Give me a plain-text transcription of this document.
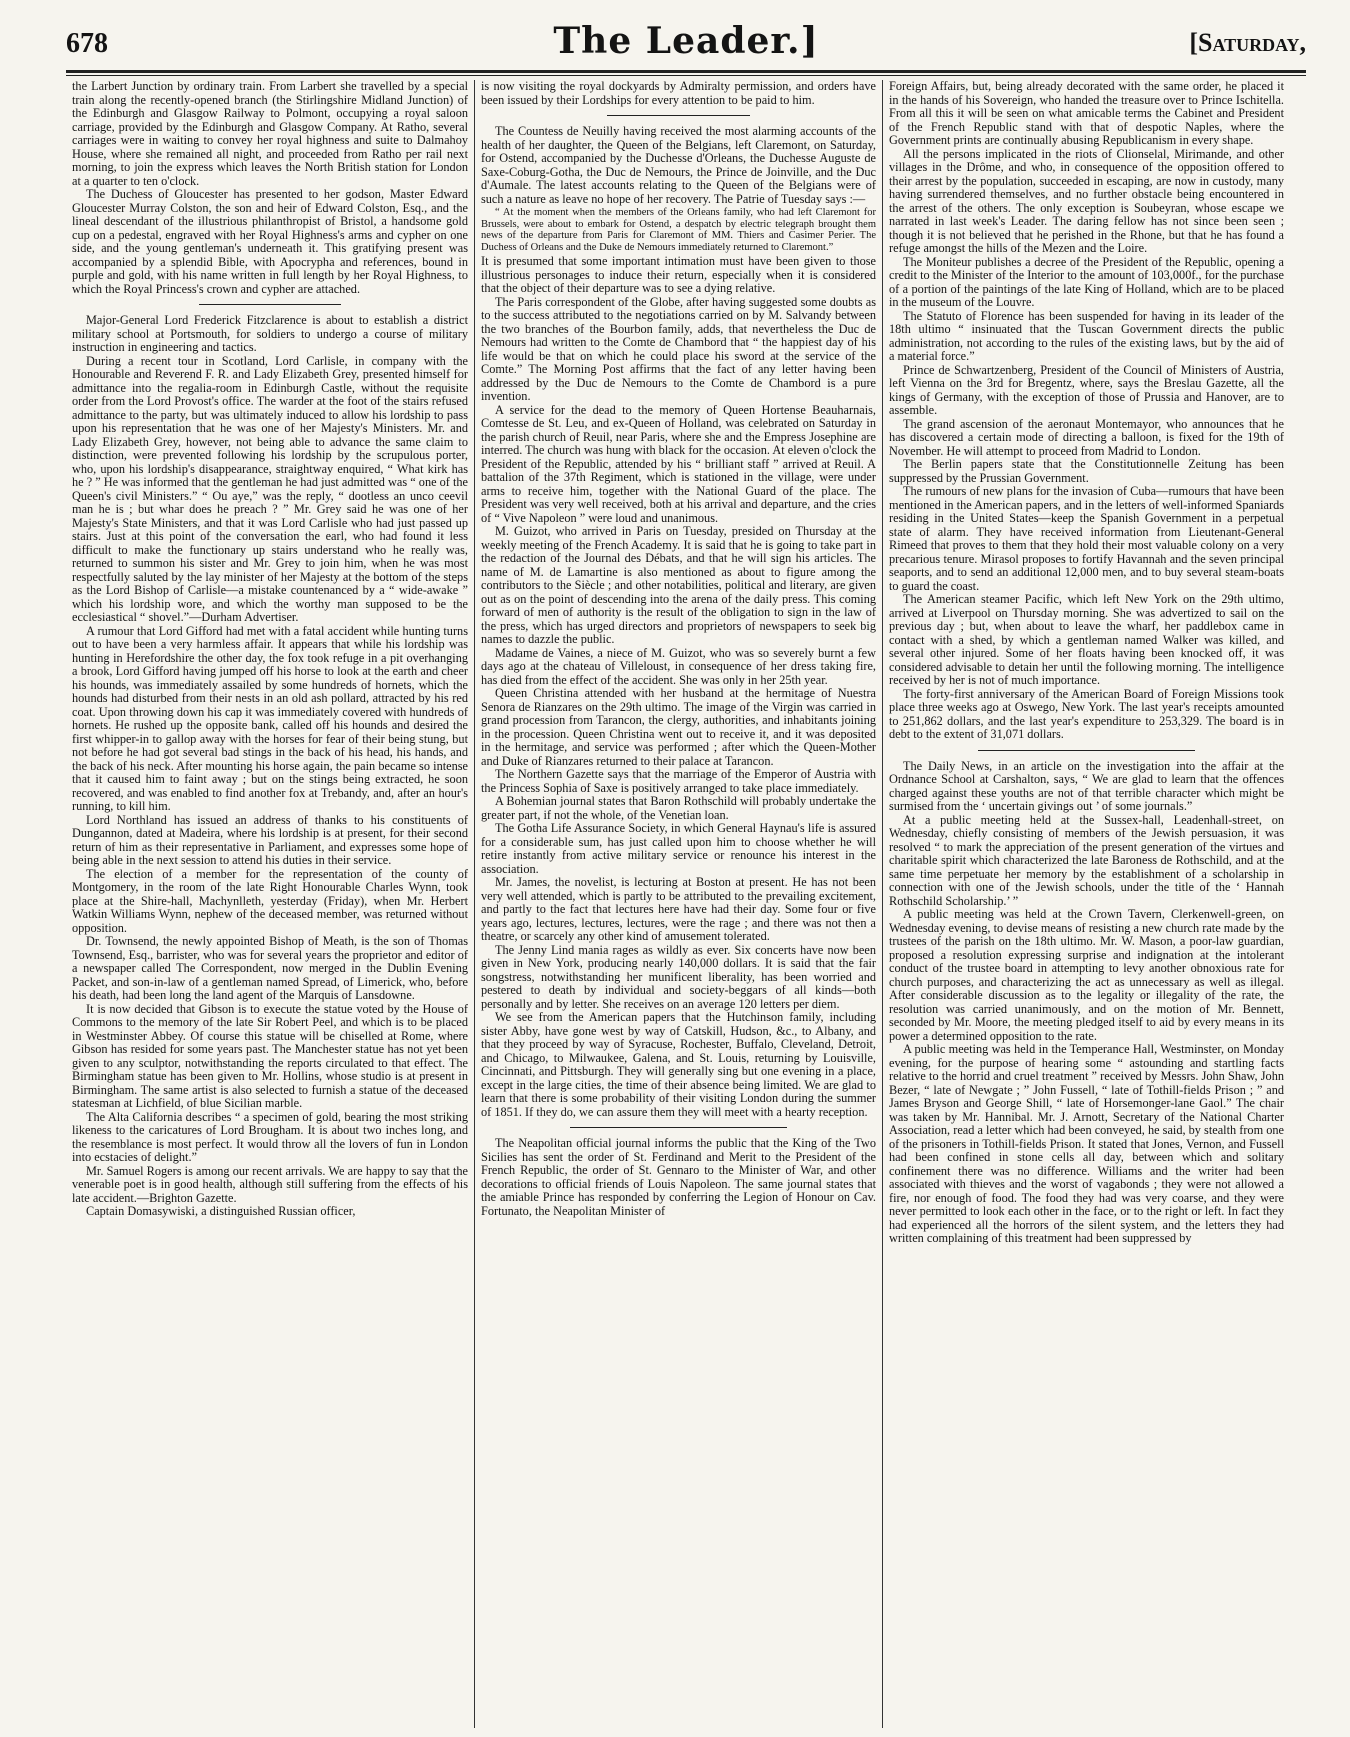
678	The Leader.]	[Saturday,

the Larbert Junction by ordinary train. From Larbert she travelled by a special train along the recently-opened branch (the Stirlingshire Midland Junction) of the Edinburgh and Glasgow Railway to Polmont, occupying a royal saloon carriage, provided by the Edinburgh and Glasgow Company. At Ratho, several carriages were in waiting to convey her royal highness and suite to Dalmahoy House, where she remained all night, and proceeded from Ratho per rail next morning, to join the express which leaves the North British station for London at a quarter to ten o'clock.

The Duchess of Gloucester has presented to her godson, Master Edward Gloucester Murray Colston, the son and heir of Edward Colston, Esq., and the lineal descendant of the illustrious philanthropist of Bristol, a handsome gold cup on a pedestal, engraved with her Royal Highness's arms and cypher on one side, and the young gentleman's underneath it. This gratifying present was accompanied by a splendid Bible, with Apocrypha and references, bound in purple and gold, with his name written in full length by her Royal Highness, to which the Royal Princess's crown and cypher are attached.

Major-General Lord Frederick Fitzclarence is about to establish a district military school at Portsmouth, for soldiers to undergo a course of military instruction in engineering and tactics.

During a recent tour in Scotland, Lord Carlisle, in company with the Honourable and Reverend F. R. and Lady Elizabeth Grey, presented himself for admittance into the regalia-room in Edinburgh Castle, without the requisite order from the Lord Provost's office. The warder at the foot of the stairs refused admittance to the party, but was ultimately induced to allow his lordship to pass upon his representation that he was one of her Majesty's Ministers. Mr. and Lady Elizabeth Grey, however, not being able to advance the same claim to distinction, were prevented following his lordship by the scrupulous porter, who, upon his lordship's disappearance, straightway enquired, “ What kirk has he ? ” He was informed that the gentleman he had just admitted was “ one of the Queen's civil Ministers.” “ Ou aye,” was the reply, “ dootless an unco ceevil man he is ; but whar does he preach ? ” Mr. Grey said he was one of her Majesty's State Ministers, and that it was Lord Carlisle who had just passed up stairs. Just at this point of the conversation the earl, who had found it less difficult to make the functionary up stairs understand who he really was, returned to summon his sister and Mr. Grey to join him, when he was most respectfully saluted by the lay minister of her Majesty at the bottom of the steps as the Lord Bishop of Carlisle—a mistake countenanced by a “ wide-awake ” which his lordship wore, and which the worthy man supposed to be the ecclesiastical “ shovel.”—Durham Advertiser.

A rumour that Lord Gifford had met with a fatal accident while hunting turns out to have been a very harmless affair. It appears that while his lordship was hunting in Herefordshire the other day, the fox took refuge in a pit overhanging a brook, Lord Gifford having jumped off his horse to look at the earth and cheer his hounds, was immediately assailed by some hundreds of hornets, which the hounds had disturbed from their nests in an old ash pollard, attracted by his red coat. Upon throwing down his cap it was immediately covered with hundreds of hornets. He rushed up the opposite bank, called off his hounds and desired the first whipper-in to gallop away with the horses for fear of their being stung, but not before he had got several bad stings in the back of his head, his hands, and the back of his neck. After mounting his horse again, the pain became so intense that it caused him to faint away ; but on the stings being extracted, he soon recovered, and was enabled to find another fox at Trebandy, and, after an hour's running, to kill him.

Lord Northland has issued an address of thanks to his constituents of Dungannon, dated at Madeira, where his lordship is at present, for their second return of him as their representative in Parliament, and expresses some hope of being able in the next session to attend his duties in their service.

The election of a member for the representation of the county of Montgomery, in the room of the late Right Honourable Charles Wynn, took place at the Shire-hall, Machynlleth, yesterday (Friday), when Mr. Herbert Watkin Williams Wynn, nephew of the deceased member, was returned without opposition.

Dr. Townsend, the newly appointed Bishop of Meath, is the son of Thomas Townsend, Esq., barrister, who was for several years the proprietor and editor of a newspaper called The Correspondent, now merged in the Dublin Evening Packet, and son-in-law of a gentleman named Spread, of Limerick, who, before his death, had been long the land agent of the Marquis of Lansdowne.

It is now decided that Gibson is to execute the statue voted by the House of Commons to the memory of the late Sir Robert Peel, and which is to be placed in Westminster Abbey. Of course this statue will be chiselled at Rome, where Gibson has resided for some years past. The Manchester statue has not yet been given to any sculptor, notwithstanding the reports circulated to that effect. The Birmingham statue has been given to Mr. Hollins, whose studio is at present in Birmingham. The same artist is also selected to furnish a statue of the deceased statesman at Lichfield, of blue Sicilian marble.

The Alta California describes “ a specimen of gold, bearing the most striking likeness to the caricatures of Lord Brougham. It is about two inches long, and the resemblance is most perfect. It would throw all the lovers of fun in London into ecstacies of delight.”

Mr. Samuel Rogers is among our recent arrivals. We are happy to say that the venerable poet is in good health, although still suffering from the effects of his late accident.—Brighton Gazette.

Captain Domasywiski, a distinguished Russian officer,

is now visiting the royal dockyards by Admiralty permission, and orders have been issued by their Lordships for every attention to be paid to him.

The Countess de Neuilly having received the most alarming accounts of the health of her daughter, the Queen of the Belgians, left Claremont, on Saturday, for Ostend, accompanied by the Duchesse d'Orleans, the Duchesse Auguste de Saxe-Coburg-Gotha, the Duc de Nemours, the Prince de Joinville, and the Duc d'Aumale. The latest accounts relating to the Queen of the Belgians were of such a nature as leave no hope of her recovery. The Patrie of Tuesday says :—

“ At the moment when the members of the Orleans family, who had left Claremont for Brussels, were about to embark for Ostend, a despatch by electric telegraph brought them news of the departure from Paris for Claremont of MM. Thiers and Casimer Perier. The Duchess of Orleans and the Duke de Nemours immediately returned to Claremont.”

It is presumed that some important intimation must have been given to those illustrious personages to induce their return, especially when it is considered that the object of their departure was to see a dying relative.

The Paris correspondent of the Globe, after having suggested some doubts as to the success attributed to the negotiations carried on by M. Salvandy between the two branches of the Bourbon family, adds, that nevertheless the Duc de Nemours had written to the Comte de Chambord that “ the happiest day of his life would be that on which he could place his sword at the service of the Comte.” The Morning Post affirms that the fact of any letter having been addressed by the Duc de Nemours to the Comte de Chambord is a pure invention.

A service for the dead to the memory of Queen Hortense Beauharnais, Comtesse de St. Leu, and ex-Queen of Holland, was celebrated on Saturday in the parish church of Reuil, near Paris, where she and the Empress Josephine are interred. The church was hung with black for the occasion. At eleven o'clock the President of the Republic, attended by his “ brilliant staff ” arrived at Reuil. A battalion of the 37th Regiment, which is stationed in the village, were under arms to receive him, together with the National Guard of the place. The President was very well received, both at his arrival and departure, and the cries of “ Vive Napoleon ” were loud and unanimous.

M. Guizot, who arrived in Paris on Tuesday, presided on Thursday at the weekly meeting of the French Academy. It is said that he is going to take part in the redaction of the Journal des Débats, and that he will sign his articles. The name of M. de Lamartine is also mentioned as about to figure among the contributors to the Siècle ; and other notabilities, political and literary, are given out as on the point of descending into the arena of the daily press. This coming forward of men of authority is the result of the obligation to sign in the law of the press, which has urged directors and proprietors of newspapers to seek big names to dazzle the public.

Madame de Vaines, a niece of M. Guizot, who was so severely burnt a few days ago at the chateau of Villeloust, in consequence of her dress taking fire, has died from the effect of the accident. She was only in her 25th year.

Queen Christina attended with her husband at the hermitage of Nuestra Senora de Rianzares on the 29th ultimo. The image of the Virgin was carried in grand procession from Tarancon, the clergy, authorities, and inhabitants joining in the procession. Queen Christina went out to receive it, and it was deposited in the hermitage, and service was performed ; after which the Queen-Mother and Duke of Rianzares returned to their palace at Tarancon.

The Northern Gazette says that the marriage of the Emperor of Austria with the Princess Sophia of Saxe is positively arranged to take place immediately.

A Bohemian journal states that Baron Rothschild will probably undertake the greater part, if not the whole, of the Venetian loan.

The Gotha Life Assurance Society, in which General Haynau's life is assured for a considerable sum, has just called upon him to choose whether he will retire instantly from active military service or renounce his interest in the association.

Mr. James, the novelist, is lecturing at Boston at present. He has not been very well attended, which is partly to be attributed to the prevailing excitement, and partly to the fact that lectures here have had their day. Some four or five years ago, lectures, lectures, lectures, were the rage ; and there was not then a theatre, or scarcely any other kind of amusement tolerated.

The Jenny Lind mania rages as wildly as ever. Six concerts have now been given in New York, producing nearly 140,000 dollars. It is said that the fair songstress, notwithstanding her munificent liberality, has been worried and pestered to death by individual and society-beggars of all kinds—both personally and by letter. She receives on an average 120 letters per diem.

We see from the American papers that the Hutchinson family, including sister Abby, have gone west by way of Catskill, Hudson, &c., to Albany, and that they proceed by way of Syracuse, Rochester, Buffalo, Cleveland, Detroit, and Chicago, to Milwaukee, Galena, and St. Louis, returning by Louisville, Cincinnati, and Pittsburgh. They will generally sing but one evening in a place, except in the large cities, the time of their absence being limited. We are glad to learn that there is some probability of their visiting London during the summer of 1851. If they do, we can assure them they will meet with a hearty reception.

The Neapolitan official journal informs the public that the King of the Two Sicilies has sent the order of St. Ferdinand and Merit to the President of the French Republic, the order of St. Gennaro to the Minister of War, and other decorations to official friends of Louis Napoleon. The same journal states that the amiable Prince has responded by conferring the Legion of Honour on Cav. Fortunato, the Neapolitan Minister of

Foreign Affairs, but, being already decorated with the same order, he placed it in the hands of his Sovereign, who handed the treasure over to Prince Ischitella. From all this it will be seen on what amicable terms the Cabinet and President of the French Republic stand with that of despotic Naples, where the Government prints are continually abusing Republicanism in every shape.

All the persons implicated in the riots of Clionselal, Mirimande, and other villages in the Drôme, and who, in consequence of the opposition offered to their arrest by the population, succeeded in escaping, are now in custody, many having surrendered themselves, and no further obstacle being encountered in the arrest of the others. The only exception is Soubeyran, whose escape we narrated in last week's Leader. The daring fellow has not since been seen ; though it is not believed that he perished in the Rhone, but that he has found a refuge amongst the hills of the Mezen and the Loire.

The Moniteur publishes a decree of the President of the Republic, opening a credit to the Minister of the Interior to the amount of 103,000f., for the purchase of a portion of the paintings of the late King of Holland, which are to be placed in the museum of the Louvre.

The Statuto of Florence has been suspended for having in its leader of the 18th ultimo “ insinuated that the Tuscan Government directs the public administration, not according to the rules of the existing laws, but by the aid of a material force.”

Prince de Schwartzenberg, President of the Council of Ministers of Austria, left Vienna on the 3rd for Bregentz, where, says the Breslau Gazette, all the kings of Germany, with the exception of those of Prussia and Hanover, are to assemble.

The grand ascension of the aeronaut Montemayor, who announces that he has discovered a certain mode of directing a balloon, is fixed for the 19th of November. He will attempt to proceed from Madrid to London.

The Berlin papers state that the Constitutionnelle Zeitung has been suppressed by the Prussian Government.

The rumours of new plans for the invasion of Cuba—rumours that have been mentioned in the American papers, and in the letters of well-informed Spaniards residing in the United States—keep the Spanish Government in a perpetual state of alarm. They have received information from Lieutenant-General Rimeed that proves to them that they hold their most valuable colony on a very precarious tenure. Mirasol proposes to fortify Havannah and the seven principal seaports, and to send an additional 12,000 men, and to buy several steam-boats to guard the coast.

The American steamer Pacific, which left New York on the 29th ultimo, arrived at Liverpool on Thursday morning. She was advertized to sail on the previous day ; but, when about to leave the wharf, her paddlebox came in contact with a shed, by which a gentleman named Walker was killed, and several other injured. Some of her floats having been knocked off, it was considered advisable to detain her until the following morning. The intelligence received by her is not of much importance.

The forty-first anniversary of the American Board of Foreign Missions took place three weeks ago at Oswego, New York. The last year's receipts amounted to 251,862 dollars, and the last year's expenditure to 253,329. The board is in debt to the extent of 31,071 dollars.

The Daily News, in an article on the investigation into the affair at the Ordnance School at Carshalton, says, “ We are glad to learn that the offences charged against these youths are not of that terrible character which might be surmised from the ‘ uncertain givings out ’ of some journals.”

At a public meeting held at the Sussex-hall, Leadenhall-street, on Wednesday, chiefly consisting of members of the Jewish persuasion, it was resolved “ to mark the appreciation of the present generation of the virtues and charitable spirit which characterized the late Baroness de Rothschild, and at the same time perpetuate her memory by the establishment of a scholarship in connection with one of the Jewish schools, under the title of the ‘ Hannah Rothschild Scholarship.’ ”

A public meeting was held at the Crown Tavern, Clerkenwell-green, on Wednesday evening, to devise means of resisting a new church rate made by the trustees of the parish on the 18th ultimo. Mr. W. Mason, a poor-law guardian, proposed a resolution expressing surprise and indignation at the intolerant conduct of the trustee board in attempting to levy another obnoxious rate for church purposes, and characterizing the act as unnecessary as well as illegal. After considerable discussion as to the legality or illegality of the rate, the resolution was carried unanimously, and on the motion of Mr. Bennett, seconded by Mr. Moore, the meeting pledged itself to aid by every means in its power a determined opposition to the rate.

A public meeting was held in the Temperance Hall, Westminster, on Monday evening, for the purpose of hearing some “ astounding and startling facts relative to the horrid and cruel treatment ” received by Messrs. John Shaw, John Bezer, “ late of Newgate ; ” John Fussell, “ late of Tothill-fields Prison ; ” and James Bryson and George Shill, “ late of Horsemonger-lane Gaol.” The chair was taken by Mr. Hannibal. Mr. J. Arnott, Secretary of the National Charter Association, read a letter which had been conveyed, he said, by stealth from one of the prisoners in Tothill-fields Prison. It stated that Jones, Vernon, and Fussell had been confined in stone cells all day, between which and solitary confinement there was no difference. Williams and the writer had been associated with thieves and the worst of vagabonds ; they were not allowed a fire, nor enough of food. The food they had was very coarse, and they were never permitted to look each other in the face, or to the right or left. In fact they had experienced all the horrors of the silent system, and the letters they had written complaining of this treatment had been suppressed by
